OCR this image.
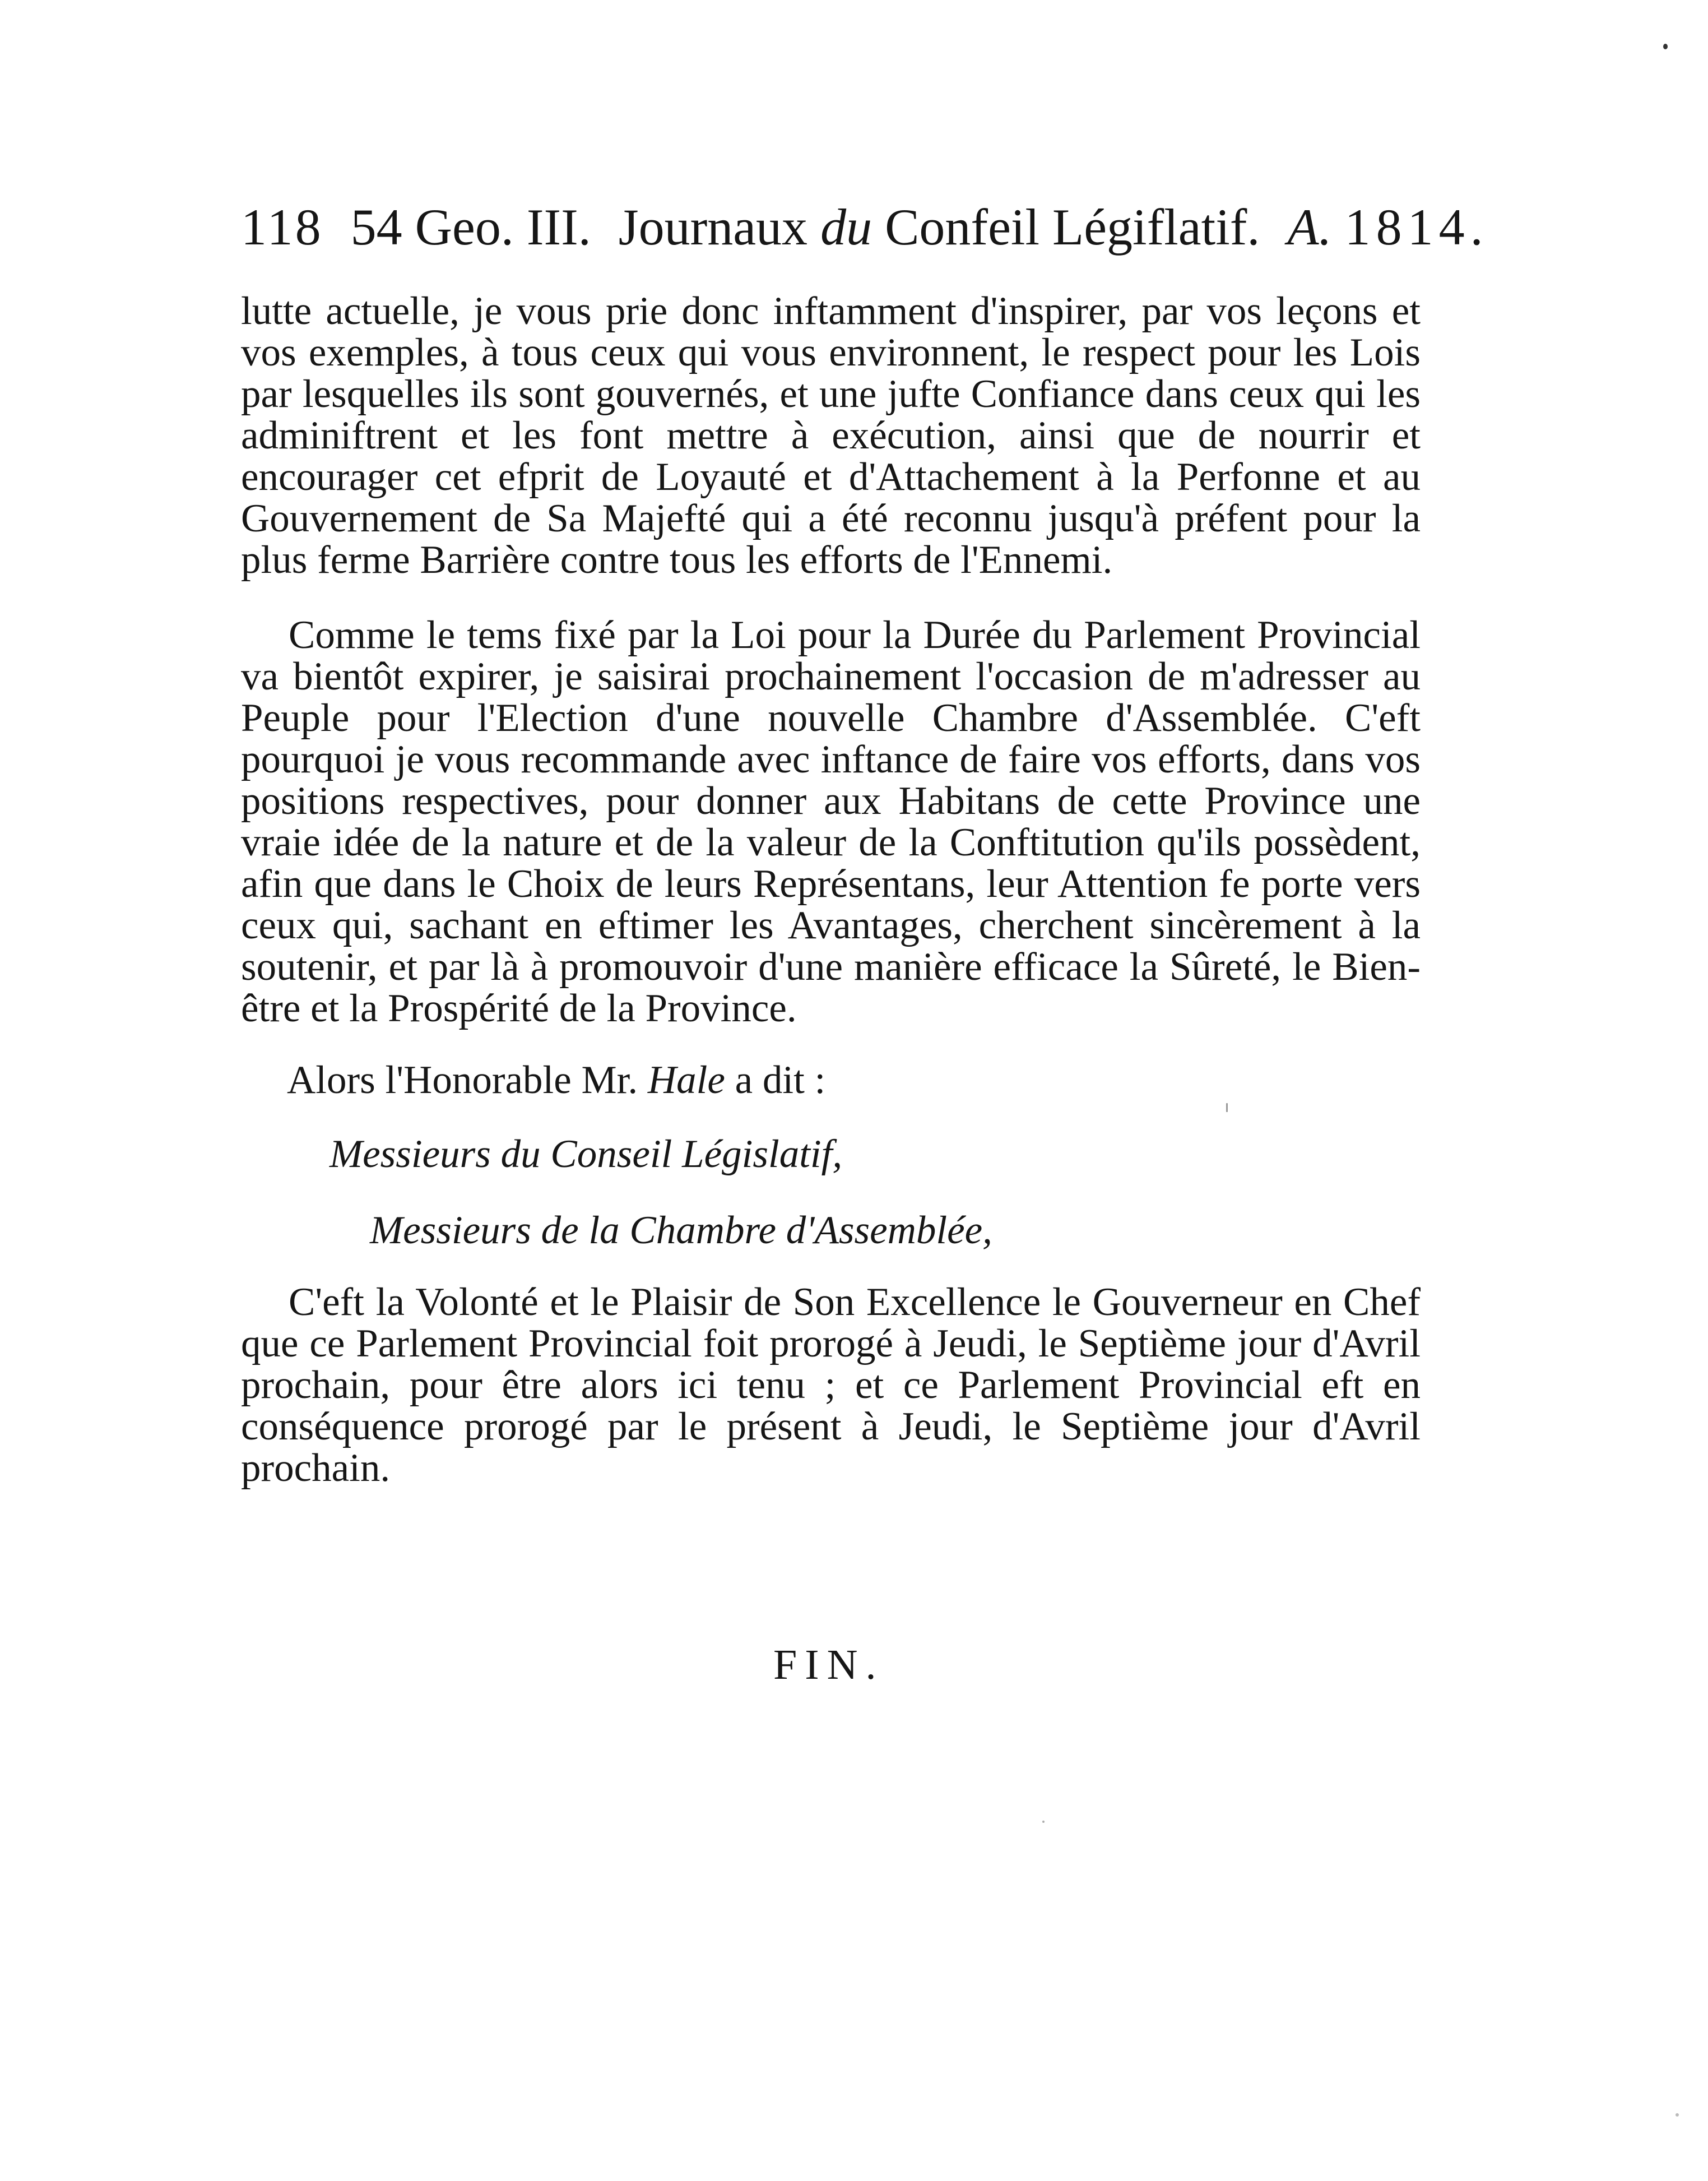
118 54 Geo. III. Journaux du Confeil Légiflatif. A. 1814.

lutte actuelle, je vous prie donc inftamment d'inspirer, par vos leçons et vos exemples, à tous ceux qui vous environnent, le respect pour les Lois par lesquelles ils sont gouvernés, et une jufte Confiance dans ceux qui les adminiftrent et les font mettre à exécution, ainsi que de nourrir et encourager cet efprit de Loyauté et d'Attachement à la Perfonne et au Gouvernement de Sa Majefté qui a été reconnu jusqu'à préfent pour la plus ferme Barrière contre tous les efforts de l'Ennemi.

Comme le tems fixé par la Loi pour la Durée du Parlement Provincial va bientôt expirer, je saisirai prochainement l'occasion de m'adresser au Peuple pour l'Election d'une nouvelle Chambre d'Assemblée. C'eft pourquoi je vous recommande avec inftance de faire vos efforts, dans vos positions respectives, pour donner aux Habitans de cette Province une vraie idée de la nature et de la valeur de la Conftitution qu'ils possèdent, afin que dans le Choix de leurs Représentans, leur Attention fe porte vers ceux qui, sachant en eftimer les Avantages, cherchent sincèrement à la soutenir, et par là à promouvoir d'une manière efficace la Sûreté, le Bien-être et la Prospérité de la Province.

Alors l'Honorable Mr. Hale a dit :

Messieurs du Conseil Législatif,

Messieurs de la Chambre d'Assemblée,

C'eft la Volonté et le Plaisir de Son Excellence le Gouverneur en Chef que ce Parlement Provincial foit prorogé à Jeudi, le Septième jour d'Avril prochain, pour être alors ici tenu ; et ce Parlement Provincial eft en conséquence prorogé par le présent à Jeudi, le Septième jour d'Avril prochain.

FIN.
